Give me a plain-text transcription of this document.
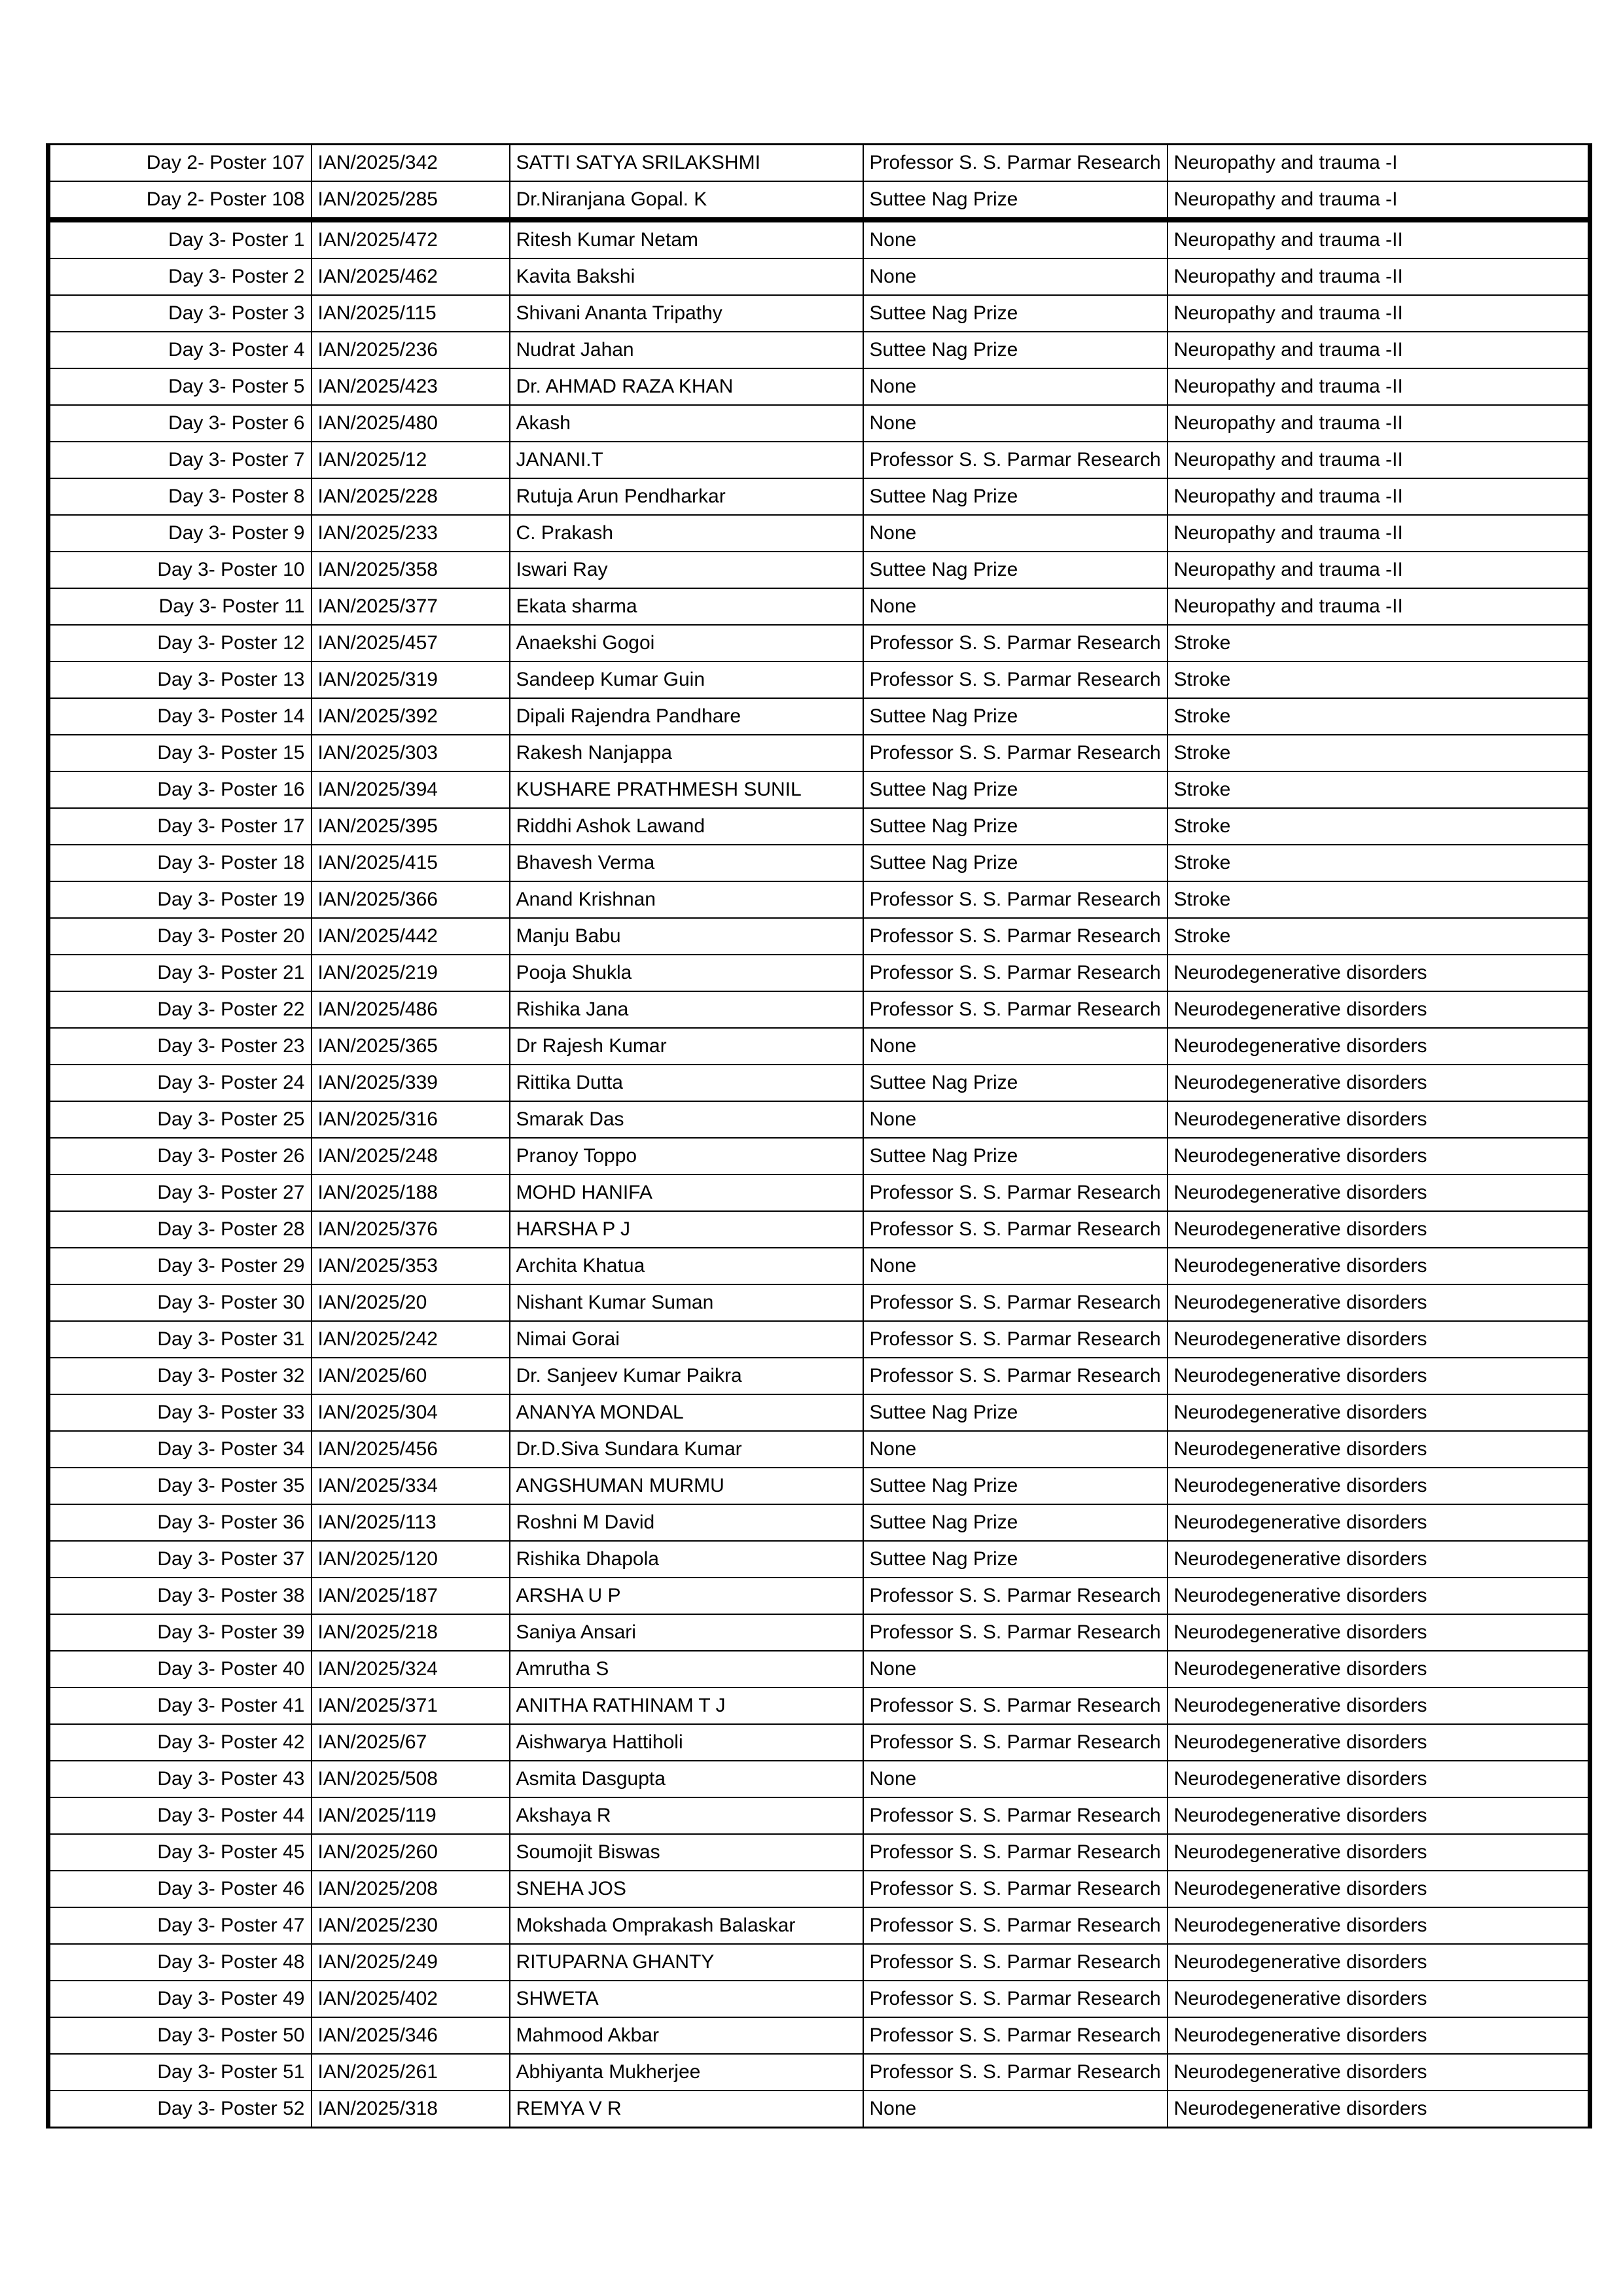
Day 2- Poster 107	IAN/2025/342	SATTI SATYA SRILAKSHMI	Professor S. S. Parmar Research	Neuropathy and trauma -I
Day 2- Poster 108	IAN/2025/285	Dr.Niranjana Gopal. K	Suttee Nag Prize	Neuropathy and trauma -I
Day 3- Poster 1	IAN/2025/472	Ritesh Kumar Netam	None	Neuropathy and trauma -II
Day 3- Poster 2	IAN/2025/462	Kavita Bakshi	None	Neuropathy and trauma -II
Day 3- Poster 3	IAN/2025/115	Shivani Ananta Tripathy	Suttee Nag Prize	Neuropathy and trauma -II
Day 3- Poster 4	IAN/2025/236	Nudrat Jahan	Suttee Nag Prize	Neuropathy and trauma -II
Day 3- Poster 5	IAN/2025/423	Dr. AHMAD RAZA KHAN	None	Neuropathy and trauma -II
Day 3- Poster 6	IAN/2025/480	Akash	None	Neuropathy and trauma -II
Day 3- Poster 7	IAN/2025/12	JANANI.T	Professor S. S. Parmar Research	Neuropathy and trauma -II
Day 3- Poster 8	IAN/2025/228	Rutuja Arun Pendharkar	Suttee Nag Prize	Neuropathy and trauma -II
Day 3- Poster 9	IAN/2025/233	C. Prakash	None	Neuropathy and trauma -II
Day 3- Poster 10	IAN/2025/358	Iswari Ray	Suttee Nag Prize	Neuropathy and trauma -II
Day 3- Poster 11	IAN/2025/377	Ekata sharma	None	Neuropathy and trauma -II
Day 3- Poster 12	IAN/2025/457	Anaekshi Gogoi	Professor S. S. Parmar Research	Stroke
Day 3- Poster 13	IAN/2025/319	Sandeep Kumar Guin	Professor S. S. Parmar Research	Stroke
Day 3- Poster 14	IAN/2025/392	Dipali Rajendra Pandhare	Suttee Nag Prize	Stroke
Day 3- Poster 15	IAN/2025/303	Rakesh Nanjappa	Professor S. S. Parmar Research	Stroke
Day 3- Poster 16	IAN/2025/394	KUSHARE PRATHMESH SUNIL	Suttee Nag Prize	Stroke
Day 3- Poster 17	IAN/2025/395	Riddhi Ashok Lawand	Suttee Nag Prize	Stroke
Day 3- Poster 18	IAN/2025/415	Bhavesh Verma	Suttee Nag Prize	Stroke
Day 3- Poster 19	IAN/2025/366	Anand Krishnan	Professor S. S. Parmar Research	Stroke
Day 3- Poster 20	IAN/2025/442	Manju Babu	Professor S. S. Parmar Research	Stroke
Day 3- Poster 21	IAN/2025/219	Pooja Shukla	Professor S. S. Parmar Research	Neurodegenerative disorders
Day 3- Poster 22	IAN/2025/486	Rishika Jana	Professor S. S. Parmar Research	Neurodegenerative disorders
Day 3- Poster 23	IAN/2025/365	Dr Rajesh Kumar	None	Neurodegenerative disorders
Day 3- Poster 24	IAN/2025/339	Rittika Dutta	Suttee Nag Prize	Neurodegenerative disorders
Day 3- Poster 25	IAN/2025/316	Smarak Das	None	Neurodegenerative disorders
Day 3- Poster 26	IAN/2025/248	Pranoy Toppo	Suttee Nag Prize	Neurodegenerative disorders
Day 3- Poster 27	IAN/2025/188	MOHD HANIFA	Professor S. S. Parmar Research	Neurodegenerative disorders
Day 3- Poster 28	IAN/2025/376	HARSHA P J	Professor S. S. Parmar Research	Neurodegenerative disorders
Day 3- Poster 29	IAN/2025/353	Archita Khatua	None	Neurodegenerative disorders
Day 3- Poster 30	IAN/2025/20	Nishant Kumar Suman	Professor S. S. Parmar Research	Neurodegenerative disorders
Day 3- Poster 31	IAN/2025/242	Nimai Gorai	Professor S. S. Parmar Research	Neurodegenerative disorders
Day 3- Poster 32	IAN/2025/60	Dr. Sanjeev Kumar Paikra	Professor S. S. Parmar Research	Neurodegenerative disorders
Day 3- Poster 33	IAN/2025/304	ANANYA MONDAL	Suttee Nag Prize	Neurodegenerative disorders
Day 3- Poster 34	IAN/2025/456	Dr.D.Siva Sundara Kumar	None	Neurodegenerative disorders
Day 3- Poster 35	IAN/2025/334	ANGSHUMAN MURMU	Suttee Nag Prize	Neurodegenerative disorders
Day 3- Poster 36	IAN/2025/113	Roshni M David	Suttee Nag Prize	Neurodegenerative disorders
Day 3- Poster 37	IAN/2025/120	Rishika Dhapola	Suttee Nag Prize	Neurodegenerative disorders
Day 3- Poster 38	IAN/2025/187	ARSHA U P	Professor S. S. Parmar Research	Neurodegenerative disorders
Day 3- Poster 39	IAN/2025/218	Saniya Ansari	Professor S. S. Parmar Research	Neurodegenerative disorders
Day 3- Poster 40	IAN/2025/324	Amrutha S	None	Neurodegenerative disorders
Day 3- Poster 41	IAN/2025/371	ANITHA RATHINAM T J	Professor S. S. Parmar Research	Neurodegenerative disorders
Day 3- Poster 42	IAN/2025/67	Aishwarya Hattiholi	Professor S. S. Parmar Research	Neurodegenerative disorders
Day 3- Poster 43	IAN/2025/508	Asmita Dasgupta	None	Neurodegenerative disorders
Day 3- Poster 44	IAN/2025/119	Akshaya R	Professor S. S. Parmar Research	Neurodegenerative disorders
Day 3- Poster 45	IAN/2025/260	Soumojit Biswas	Professor S. S. Parmar Research	Neurodegenerative disorders
Day 3- Poster 46	IAN/2025/208	SNEHA JOS	Professor S. S. Parmar Research	Neurodegenerative disorders
Day 3- Poster 47	IAN/2025/230	Mokshada Omprakash Balaskar	Professor S. S. Parmar Research	Neurodegenerative disorders
Day 3- Poster 48	IAN/2025/249	RITUPARNA GHANTY	Professor S. S. Parmar Research	Neurodegenerative disorders
Day 3- Poster 49	IAN/2025/402	SHWETA	Professor S. S. Parmar Research	Neurodegenerative disorders
Day 3- Poster 50	IAN/2025/346	Mahmood Akbar	Professor S. S. Parmar Research	Neurodegenerative disorders
Day 3- Poster 51	IAN/2025/261	Abhiyanta Mukherjee	Professor S. S. Parmar Research	Neurodegenerative disorders
Day 3- Poster 52	IAN/2025/318	REMYA V R	None	Neurodegenerative disorders
